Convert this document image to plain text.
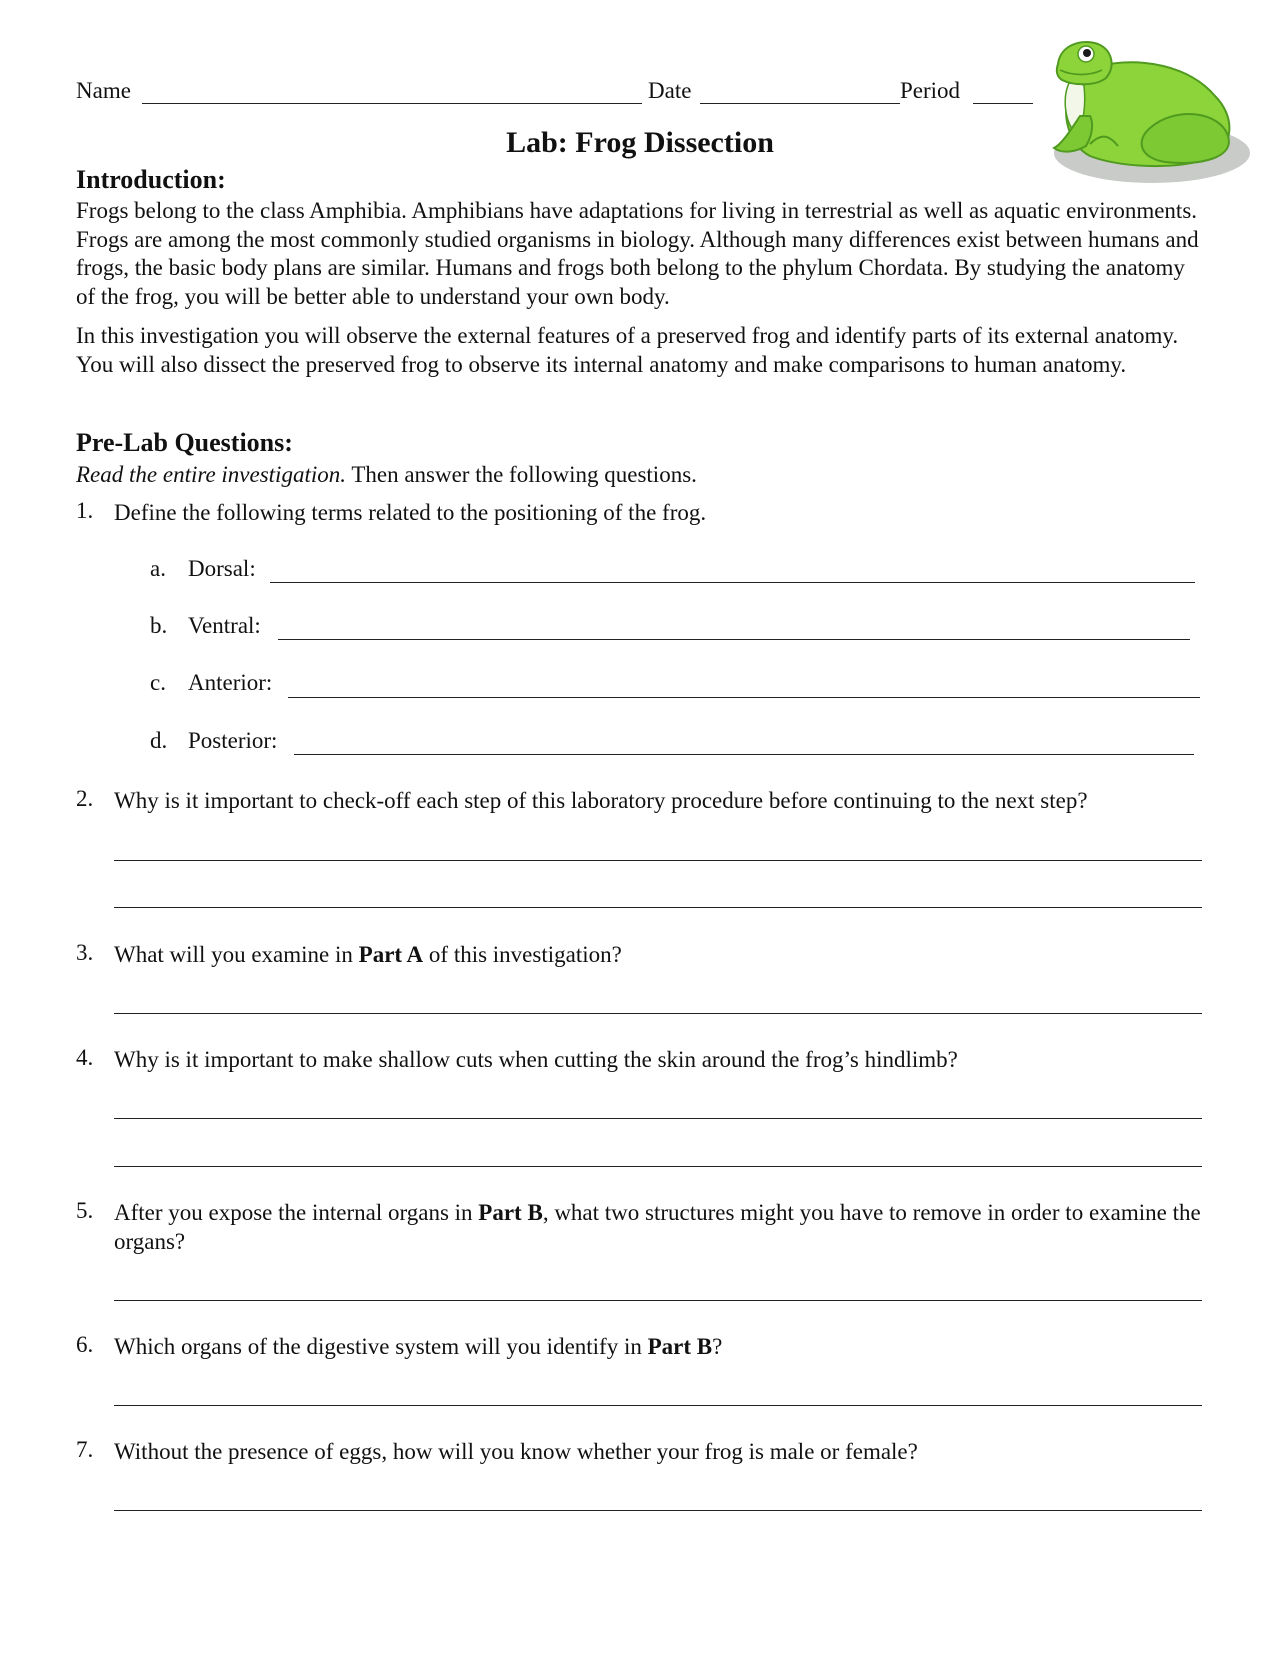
Name	Date	Period
Lab: Frog Dissection
Introduction:
Frogs belong to the class Amphibia. Amphibians have adaptations for living in terrestrial as well as aquatic environments. Frogs are among the most commonly studied organisms in biology. Although many differences exist between humans and frogs, the basic body plans are similar. Humans and frogs both belong to the phylum Chordata. By studying the anatomy of the frog, you will be better able to understand your own body.
In this investigation you will observe the external features of a preserved frog and identify parts of its external anatomy. You will also dissect the preserved frog to observe its internal anatomy and make comparisons to human anatomy.
Pre-Lab Questions:
Read the entire investigation. Then answer the following questions.
1. Define the following terms related to the positioning of the frog.
a. Dorsal:
b. Ventral:
c. Anterior:
d. Posterior:
2. Why is it important to check-off each step of this laboratory procedure before continuing to the next step?
3. What will you examine in Part A of this investigation?
4. Why is it important to make shallow cuts when cutting the skin around the frog’s hindlimb?
5. After you expose the internal organs in Part B, what two structures might you have to remove in order to examine the organs?
6. Which organs of the digestive system will you identify in Part B?
7. Without the presence of eggs, how will you know whether your frog is male or female?
